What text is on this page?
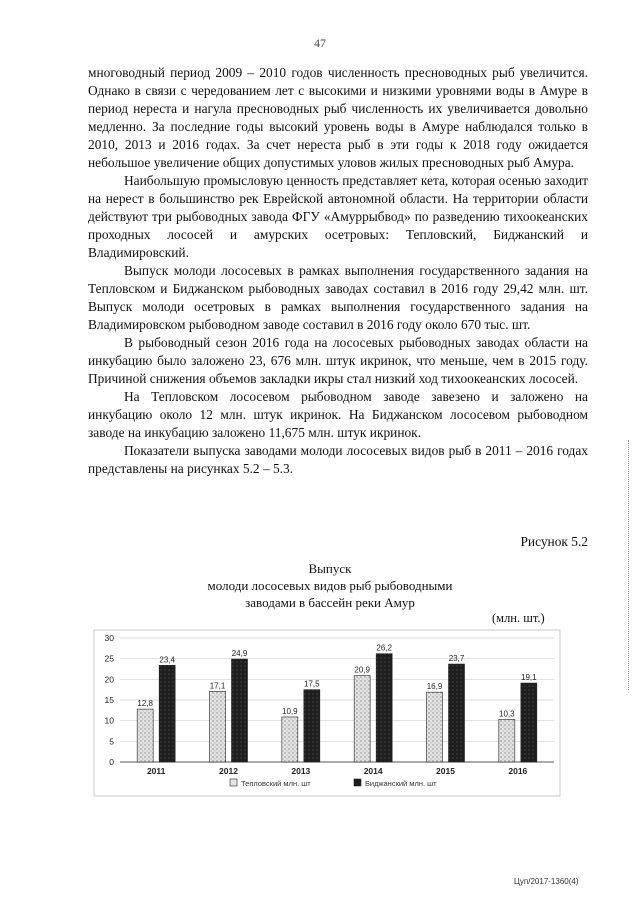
47

многоводный период 2009 – 2010 годов численность пресноводных рыб увеличится. Однако в связи с чередованием лет с высокими и низкими уровнями воды в Амуре в период нереста и нагула пресноводных рыб численность их увеличивается довольно медленно. За последние годы высокий уровень воды в Амуре наблюдался только в 2010, 2013 и 2016 годах. За счет нереста рыб в эти годы к 2018 году ожидается небольшое увеличение общих допустимых уловов жилых пресноводных рыб Амура.

Наибольшую промысловую ценность представляет кета, которая осенью заходит на нерест в большинство рек Еврейской автономной области. На территории области действуют три рыбоводных завода ФГУ «Амуррыбвод» по разведению тихоокеанских проходных лососей и амурских осетровых: Тепловский, Биджанский и Владимировский.

Выпуск молоди лососевых в рамках выполнения государственного задания на Тепловском и Биджанском рыбоводных заводах составил в 2016 году 29,42 млн. шт. Выпуск молоди осетровых в рамках выполнения государственного задания на Владимировском рыбоводном заводе составил в 2016 году около 670 тыс. шт.

В рыбоводный сезон 2016 года на лососевых рыбоводных заводах области на инкубацию было заложено 23, 676 млн. штук икринок, что меньше, чем в 2015 году. Причиной снижения объемов закладки икры стал низкий ход тихоокеанских лососей.

На Тепловском лососевом рыбоводном заводе завезено и заложено на инкубацию около 12 млн. штук икринок. На Биджанском лососевом рыбоводном заводе на инкубацию заложено 11,675 млн. штук икринок.

Показатели выпуска заводами молоди лососевых видов рыб в 2011 – 2016 годах представлены на рисунках 5.2 – 5.3.

Рисунок 5.2
Выпуск
молоди лососевых видов рыб рыбоводными
заводами в бассейн реки Амур
(млн. шт.)
0
5
10
15
20
25
30
12,8
23,4
2011
17,1
24,9
2012
10,9
17,5
2013
20,9
26,2
2014
16,9
23,7
2015
10,3
19,1
2016
Тепловский млн. шт	Биджанский млн. шт
Цуп/2017-1360(4)
